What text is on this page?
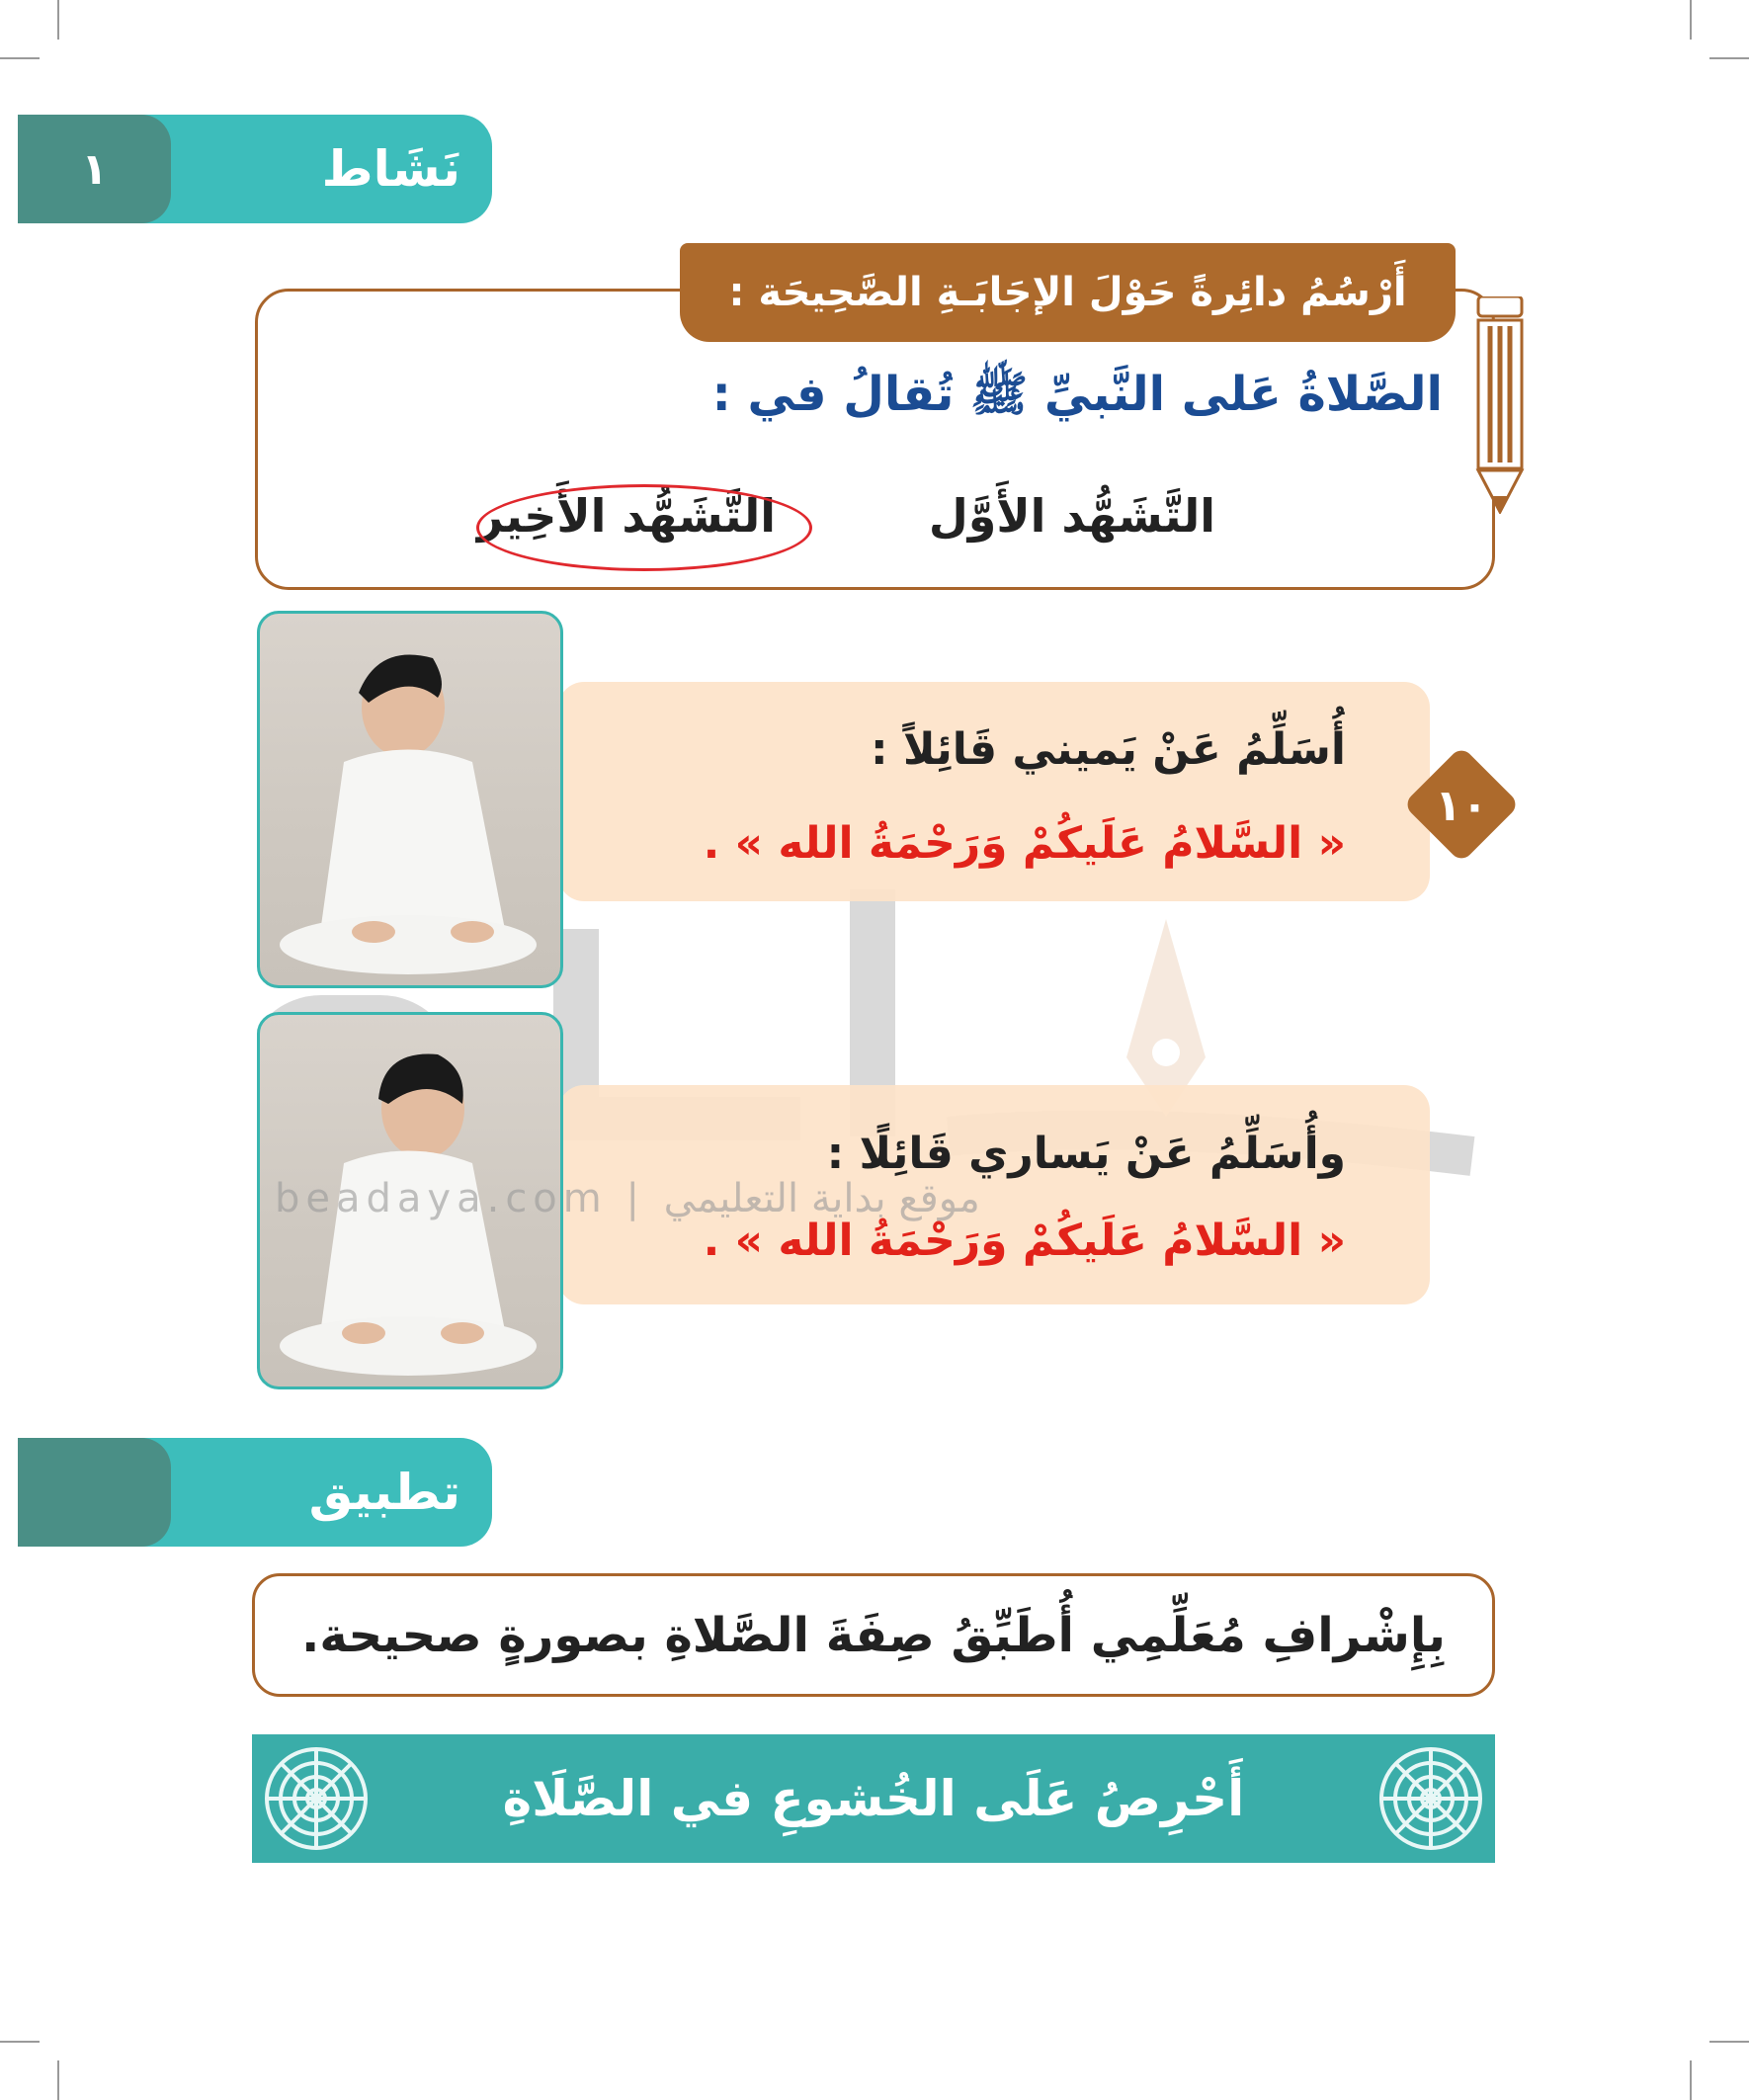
١	نَشَاط
أَرْسُمُ دائِرةً حَوْلَ الإجَابَـةِ الصَّحِيحَة :
الصَّلاةُ عَلى النَّبيِّ ﷺ تُقالُ في :
التَّشَهُّد الأَوَّل
التَّشَهُّد الأَخِير
١٠
أُسَلِّمُ عَنْ يَميني قَائِلاً :
« السَّلامُ عَلَيكُمْ وَرَحْمَةُ الله » .
وأُسَلِّمُ عَنْ يَساري قَائِلًا :
« السَّلامُ عَلَيكُمْ وَرَحْمَةُ الله » .
beadaya.com | موقع بداية التعليمي
تطبيق
بِإِشْرافِ مُعَلِّمِي أُطَبِّقُ صِفَةَ الصَّلاةِ بصورةٍ صحيحة.
أَحْرِصُ عَلَى الخُشوعِ في الصَّلَاةِ
